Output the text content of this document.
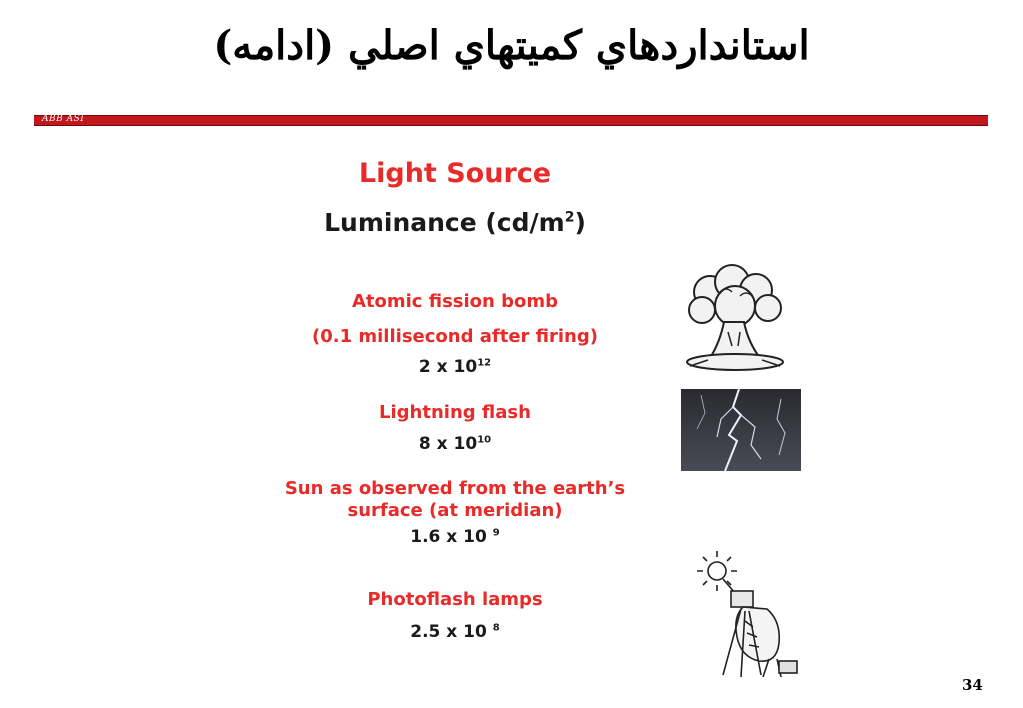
استانداردهاي كميتهاي اصلي (ادامه)
ABB ASI
Light Source
Luminance $(cd/m^2)$
Atomic fission bomb
(0.1 millisecond after firing)
2 x $10^{12}$
Lightning flash
8 x $10^{10}$
Sun as observed from the earth’s
surface (at meridian)
1.6 x 10 $^9$
Photoflash lamps
2.5 x 10 $^8$
34
